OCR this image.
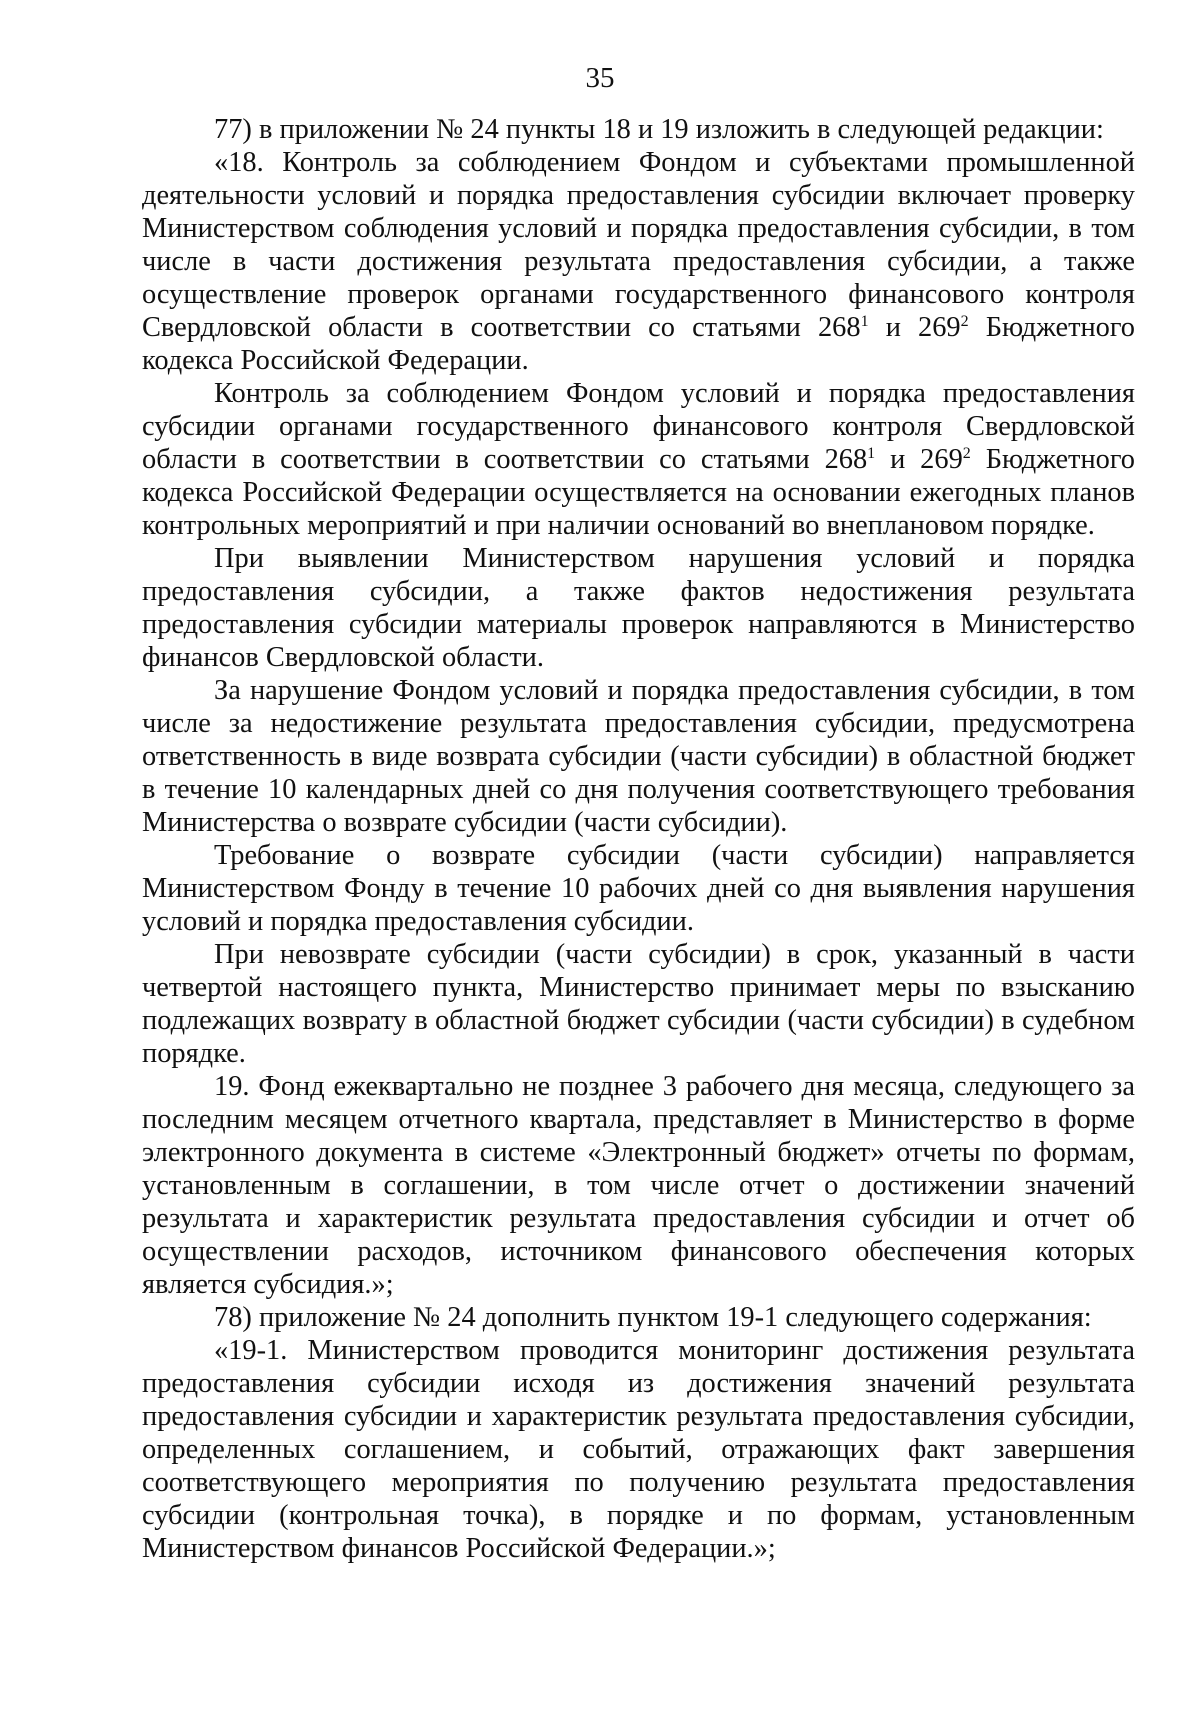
35

77) в приложении № 24 пункты 18 и 19 изложить в следующей редакции:

«18. Контроль за соблюдением Фондом и субъектами промышленной деятельности условий и порядка предоставления субсидии включает проверку Министерством соблюдения условий и порядка предоставления субсидии, в том числе в части достижения результата предоставления субсидии, а также осуществление проверок органами государственного финансового контроля Свердловской области в соответствии со статьями $268^1$ и $269^2$ Бюджетного кодекса Российской Федерации.

Контроль за соблюдением Фондом условий и порядка предоставления субсидии органами государственного финансового контроля Свердловской области в соответствии в соответствии со статьями $268^1$ и $269^2$ Бюджетного кодекса Российской Федерации осуществляется на основании ежегодных планов контрольных мероприятий и при наличии оснований во внеплановом порядке.

При выявлении Министерством нарушения условий и порядка предоставления субсидии, а также фактов недостижения результата предоставления субсидии материалы проверок направляются в Министерство финансов Свердловской области.

За нарушение Фондом условий и порядка предоставления субсидии, в том числе за недостижение результата предоставления субсидии, предусмотрена ответственность в виде возврата субсидии (части субсидии) в областной бюджет в течение 10 календарных дней со дня получения соответствующего требования Министерства о возврате субсидии (части субсидии).

Требование о возврате субсидии (части субсидии) направляется Министерством Фонду в течение 10 рабочих дней со дня выявления нарушения условий и порядка предоставления субсидии.

При невозврате субсидии (части субсидии) в срок, указанный в части четвертой настоящего пункта, Министерство принимает меры по взысканию подлежащих возврату в областной бюджет субсидии (части субсидии) в судебном порядке.

19. Фонд ежеквартально не позднее 3 рабочего дня месяца, следующего за последним месяцем отчетного квартала, представляет в Министерство в форме электронного документа в системе «Электронный бюджет» отчеты по формам, установленным в соглашении, в том числе отчет о достижении значений результата и характеристик результата предоставления субсидии и отчет об осуществлении расходов, источником финансового обеспечения которых является субсидия.»;

78) приложение № 24 дополнить пунктом 19-1 следующего содержания:

«19-1. Министерством проводится мониторинг достижения результата предоставления субсидии исходя из достижения значений результата предоставления субсидии и характеристик результата предоставления субсидии, определенных соглашением, и событий, отражающих факт завершения соответствующего мероприятия по получению результата предоставления субсидии (контрольная точка), в порядке и по формам, установленным Министерством финансов Российской Федерации.»;
